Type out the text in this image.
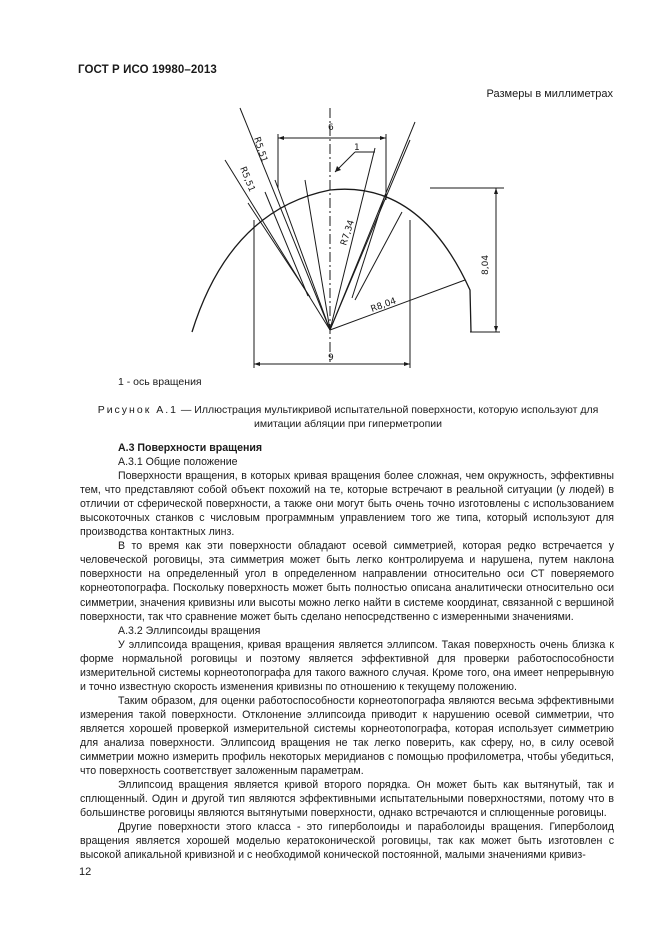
ГОСТ Р ИСО 19980–2013
Размеры в миллиметрах
6
9
1
8,04
R5,51
R5,51
R7,34
R8,04
1 - ось вращения
Рисунок А.1 — Иллюстрация мультикривой испытательной поверхности, которую используют для имитации абляции при гиперметропии
А.3 Поверхности вращения
А.3.1 Общие положение

Поверхности вращения, в которых кривая вращения более сложная, чем окружность, эффективны тем, что представляют собой объект похожий на те, которые встречают в реальной ситуации (у людей) в отличии от сферической поверхности, а также они могут быть очень точно изготовлены с использованием высокоточных станков с числовым программным управлением того же типа, который используют для производства контактных линз.

В то время как эти поверхности обладают осевой симметрией, которая редко встречается у человеческой роговицы, эта симметрия может быть легко контролируема и нарушена, путем наклона поверхности на определенный угол в определенном направлении относительно оси СТ поверяемого корнеотопографа. Поскольку поверхность может быть полностью описана аналитически относительно оси симметрии, значения кривизны или высоты можно легко найти в системе координат, связанной с вершиной поверхности, так что сравнение может быть сделано непосредственно с измеренными значениями.

А.3.2 Эллипсоиды вращения

У эллипсоида вращения, кривая вращения является эллипсом. Такая поверхность очень близка к форме нормальной роговицы и поэтому является эффективной для проверки работоспособности измерительной системы корнеотопографа для такого важного случая. Кроме того, она имеет непрерывную и точно известную скорость изменения кривизны по отношению к текущему положению.

Таким образом, для оценки работоспособности корнеотопографа являются весьма эффективными измерения такой поверхности. Отклонение эллипсоида приводит к нарушению осевой симметрии, что является хорошей проверкой измерительной системы корнеотопографа, которая использует симметрию для анализа поверхности. Эллипсоид вращения не так легко поверить, как сферу, но, в силу осевой симметрии можно измерить профиль некоторых меридианов с помощью профилометра, чтобы убедиться, что поверхность соответствует заложенным параметрам.

Эллипсоид вращения является кривой второго порядка. Он может быть как вытянутый, так и сплющенный. Один и другой тип являются эффективными испытательными поверхностями, потому что в большинстве роговицы являются вытянутыми поверхности, однако встречаются и сплющенные роговицы.

Другие поверхности этого класса - это гиперболоиды и параболоиды вращения. Гиперболоид вращения является хорошей моделью кератоконической роговицы, так как может быть изготовлен с высокой апикальной кривизной и с необходимой конической постоянной, малыми значениями кривиз-

12
